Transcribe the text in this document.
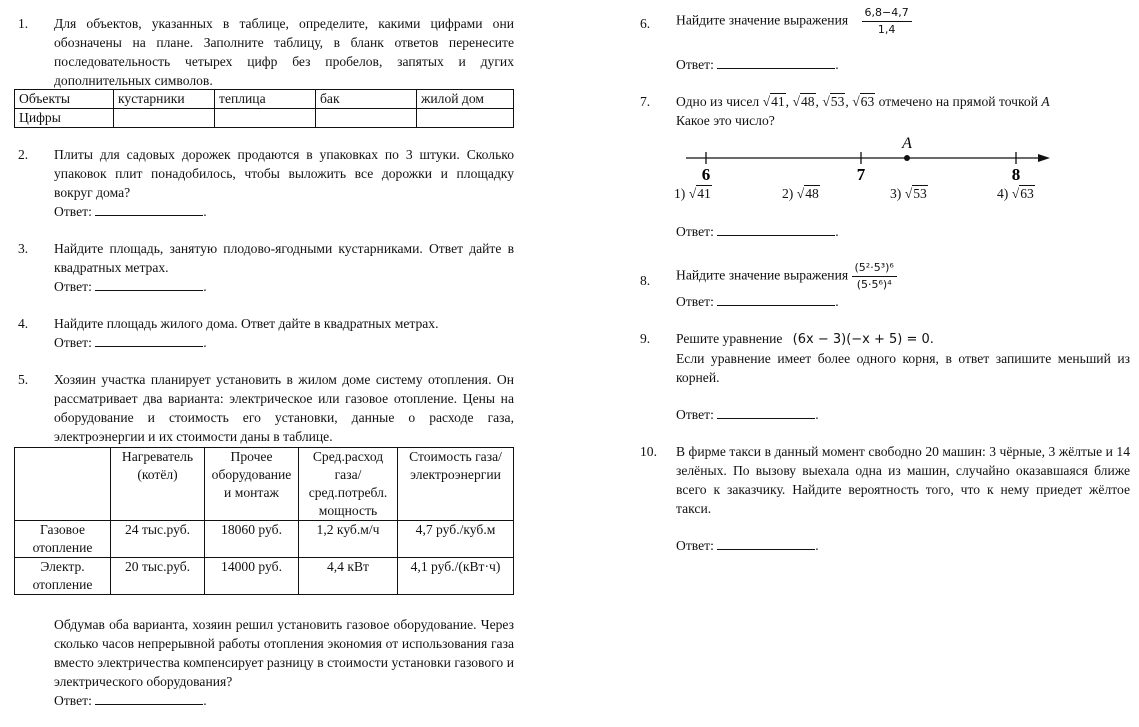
1. Для объектов, указанных в таблице, определите, какими цифрами они обозначены на плане. Заполните таблицу, в бланк ответов перенесите последовательность четырех цифр без пробелов, запятых и дугих дополнительных символов.
Объекты	кустарники	теплица	бак	жилой дом
Цифры				
2. Плиты для садовых дорожек продаются в упаковках по 3 штуки. Сколько упаковок плит понадобилось, чтобы выложить все дорожки и площадку вокруг дома?
Ответ:	.
3. Найдите площадь, занятую плодово-ягодными кустарниками. Ответ дайте в квадратных метрах.
Ответ:	.
4. Найдите площадь жилого дома. Ответ дайте в квадратных метрах.
Ответ:	.
5. Хозяин участка планирует установить в жилом доме систему отопления. Он рассматривает два варианта: электрическое или газовое отопление. Цены на оборудование и стоимость его установки, данные о расходе газа, электроэнергии и их стоимости даны в таблице.
	Нагреватель (котёл)	Прочее оборудование и монтаж	Сред.расход газа/ сред.потребл. мощность	Стоимость газа/ электроэнергии
Газовое отопление	24 тыс.руб.	18060 руб.	1,2 куб.м/ч	4,7 руб./куб.м
Электр. отопление	20 тыс.руб.	14000 руб.	4,4 кВт	4,1 руб./(кВт·ч)
Обдумав оба варианта, хозяин решил установить газовое оборудование. Через сколько часов непрерывной работы отопления экономия от использования газа вместо электричества компенсирует разницу в стоимости установки газового и электрического оборудования?
Ответ:	.
6. Найдите значение выражения $\frac{6,8-4,7}{1,4}$
Ответ:	.
7. Одно из чисел √41, √48, √53, √63 отмечено на прямой точкой A
Какое это число?
A
6	7	8
1) √41	2) √48	3) √53	4) √63
Ответ:	.
8. Найдите значение выражения $\frac{\text{(5²·5³)⁶}}{\text{(5·5⁶)⁴}}$
Ответ:	.
9. Решите уравнение (6x − 3)(−x + 5) = 0.
Если уравнение имеет более одного корня, в ответ запишите меньший из корней.
Ответ:	.
10. В фирме такси в данный момент свободно 20 машин: 3 чёрные, 3 жёлтые и 14 зелёных. По вызову выехала одна из машин, случайно оказавшаяся ближе всего к заказчику. Найдите вероятность того, что к нему приедет жёлтое такси.
Ответ:	.
